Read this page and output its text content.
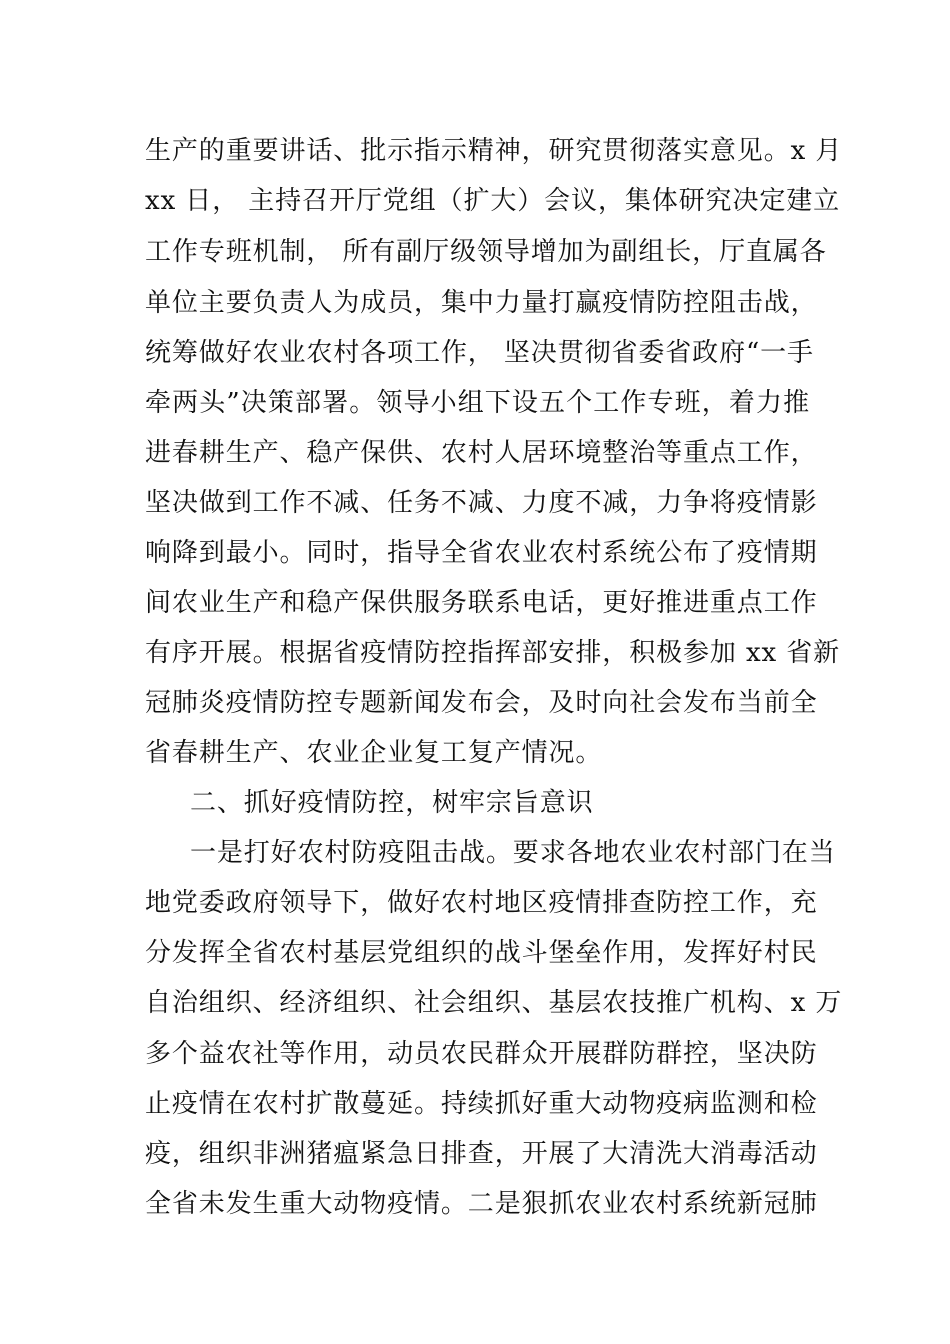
生产的重要讲话、批示指示精神，研究贯彻落实意见。x 月
xx 日， 主持召开厅党组（扩大）会议，集体研究决定建立
工作专班机制， 所有副厅级领导增加为副组长，厅直属各
单位主要负责人为成员，集中力量打赢疫情防控阻击战，
统筹做好农业农村各项工作， 坚决贯彻省委省政府“一手
牵两头”决策部署。领导小组下设五个工作专班，着力推
进春耕生产、稳产保供、农村人居环境整治等重点工作，
坚决做到工作不减、任务不减、力度不减，力争将疫情影
响降到最小。同时，指导全省农业农村系统公布了疫情期
间农业生产和稳产保供服务联系电话，更好推进重点工作
有序开展。根据省疫情防控指挥部安排，积极参加 xx 省新
冠肺炎疫情防控专题新闻发布会，及时向社会发布当前全
省春耕生产、农业企业复工复产情况。
二、抓好疫情防控，树牢宗旨意识
一是打好农村防疫阻击战。要求各地农业农村部门在当
地党委政府领导下，做好农村地区疫情排查防控工作，充
分发挥全省农村基层党组织的战斗堡垒作用，发挥好村民
自治组织、经济组织、社会组织、基层农技推广机构、x 万
多个益农社等作用，动员农民群众开展群防群控，坚决防
止疫情在农村扩散蔓延。持续抓好重大动物疫病监测和检
疫，组织非洲猪瘟紧急日排查，开展了大清洗大消毒活动
全省未发生重大动物疫情。二是狠抓农业农村系统新冠肺
